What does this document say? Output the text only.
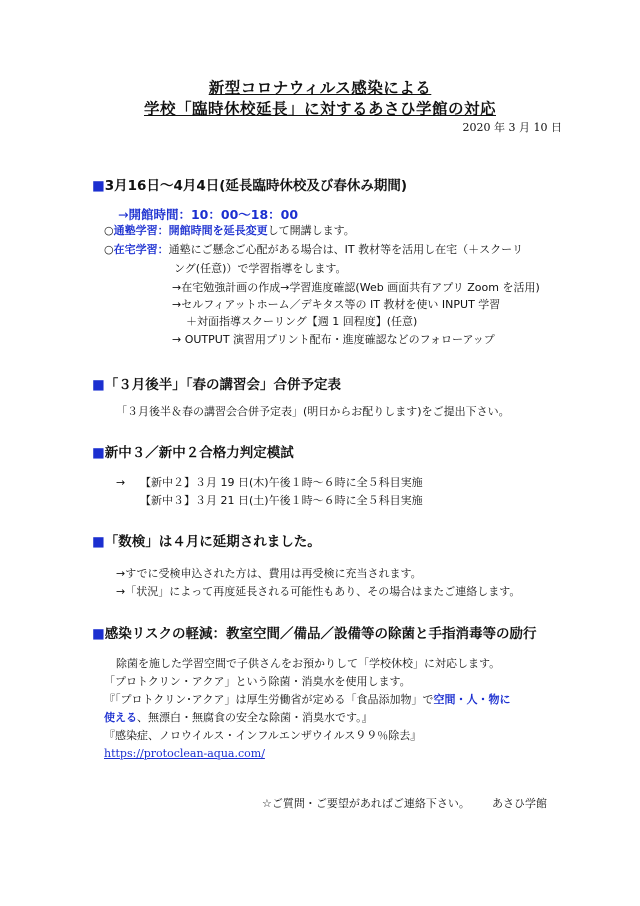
新型コロナウィルス感染による
学校「臨時休校延長」に対するあさひ学館の対応
2020 年 3 月 10 日
■3月16日～4月4日(延長臨時休校及び春休み期間)
→開館時間：10：00～18：00
○通塾学習：開館時間を延長変更して開講します。
○在宅学習：通塾にご懸念ご心配がある場合は、IT 教材等を活用し在宅（＋スクーリ
ング(任意)）で学習指導をします。
→在宅勉強計画の作成→学習進度確認(Web 画面共有アプリ Zoom を活用)
→セルフィアットホーム／デキタス等の IT 教材を使い INPUT 学習
＋対面指導スクーリング【週 1 回程度】(任意)
→ OUTPUT 演習用プリント配布・進度確認などのフォローアップ
■「３月後半」「春の講習会」合併予定表
「３月後半＆春の講習会合併予定表」(明日からお配りします)をご提出下さい。
■新中３／新中２合格力判定模試
→ 【新中２】３月 19 日(木)午後１時～６時に全５科目実施
【新中３】３月 21 日(土)午後１時～６時に全５科目実施
■「数検」は４月に延期されました。
→すでに受検申込された方は、費用は再受検に充当されます。
→「状況」によって再度延長される可能性もあり、その場合はまたご連絡します。
■感染リスクの軽減：教室空間／備品／設備等の除菌と手指消毒等の励行
除菌を施した学習空間で子供さんをお預かりして「学校休校」に対応します。
「プロトクリン・アクア」という除菌・消臭水を使用します。
『「プロトクリン･アクア」は厚生労働省が定める「食品添加物」で空間・人・物に
使える、無漂白・無腐食の安全な除菌・消臭水です。』
『感染症、ノロウイルス・インフルエンザウイルス９９％除去』
https://protoclean-aqua.com/
☆ご質問・ご要望があればご連絡下さい。 あさひ学館
